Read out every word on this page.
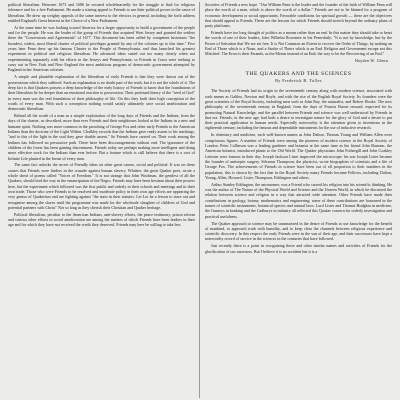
political liberalism. Between 1673 and 1686 he secured wholeheartedly for the struggle to find for religious tolerance and for a free Parliament. He made a stirring appeal to Friends to use their political power in the cause of liberalism. He drew up weighty appeals of the same interest to the electors in general, including the forth address entitled England's Great Interest in the Choice of a New Parliament.

At the same time he was looking toward America for a larger opportunity to build a government of the people and for the people. He was the leader of the group of Friends that acquired West Jersey and granted the settlers there the "Concessions and Agreements" of 1677. This document has been called by competent historians "the broadest, widest, most liberal charter of political privileges granted by any of the colonies up to this time." Five years later Penn drew up his famous Charter to the People of Pennsylvania, and thus launched his greatest experiment in political and religious liberalism. He advanced ideas stated out too many clearly when not experimenting separately with his efforts in the Jerseys and Pennsylvania; so Friends in Court were seeking to carry out in New York and New England the most ambitious program of democratic government attempted by England in her American colonies.

A simple and plausible explanation of the liberalism of early Friends is that they were drawn out of the persecutions which they suffered. Such an explanation is no doubt part of the truth, but it is not the whole of it. The deep fact is that Quakers possess a deep knowledge of the early history of Friends to know that the foundations of their liberalism lie far deeper than an emotional reaction to persecution. Their profound theory of the "seed of God" in every man was the real foundation of their philosophy of life. On this they built their high conception of the worth of every man. With such a conception nothing would satisfy ultimately save social amelioration and democratic liberalism.

Behind all the worth of a man as a simple exploitation of the long days of Friends and the Indians, from the days of the charter, as described, more than ever Friends and their neighbours looked at the Indians in a new and humane spirit. Nothing was more common in the preaching of George Fox and other early Friends to the American Indians than the doctrine of the Light Within. Chalkley records that the Indians gave ready assent to his teachings, "and to this of the light in the soul they gave double assent." So Friends have carried on. Their work among the Indians has followed no persuasive path. There have been discouragements without end. The ignorance of the children of the forest has been gaining discernment. Friends today are perhaps making more intelligent and doing more effective work for the Indians than ever before. But a feature which is still believe that there is a root of Infinite Life planted in the breast of every man.

The same fact unlocks the secret of Friendly ideas on other great causes, social and political. It was on these causes that Friends were leaders in the crusade against human slavery. Whittier, the great Quaker poet, wrote a whole sheaf of poems called "Voices of Freedom." It is not strange that John Woolman, the gentlest of all the Quakers, should lead the way in the emancipation of the Negro. Friends may have been hesitant about their powers here, but the experiment which followed was the first public and orderly in their schools and meetings and in their own trade. Those who were Friends to be resolved and moderate policy in their own age efforts are appearing the very genius of Quakerism and are fighting against "the stain in their statutes. Let Lot be a lesson to trace out and reorganize among the slaves until the programme was made for the wholesale slaughter of children of God and potential partners with Christ" Not so long as they cherish their Christian and Quaker heritage.

Political liberalism, peculiar to the American Indians, anti-slavery efforts, the peace testimony, prison reform and various other efforts in social amelioration are among the matters of which Friends have been leaders in their age and for which they have not received the credit they deserved. Friends may here be willing to take less

Societies of Friends a new hope. "Our William Penn is the leader and the founder of the faith of William Penn will place the worth of a man, which is above the worth of a dollar." Friends are not to be blamed for a program of economic development or social opportunity. Favorable conditions for spiritual growth — these are the objectives that should appeal to Friends. These are the lessons for which Friends should stretch beyond the ordinary plans of party platforms.

Friends have too long thought of politics as a means rather than an end. In this matter they should take to heart the words of one of their leaders, John Wilhelm Rowntree in his Penn-daily: "It is not by knowledge, but by the Power of Salvation that We are set free. It is Not Common an Extent to recover the Order of Things, by making an End of Those which is a Noun, and a Stroke of Theirs which is an End. Religion and Government escape not this Mischief: The Error is their Errands, as the Means instead of an End; the way to be the Recovering of an End."

Hayden W. Glenn
THE QUAKERS AND THE SCIENCES
By Frederick B. Tolles

The Society of Friends had its origin in the seventeenth century along with modern science, associated with such names as Galileo, Newton and Boyle, and with the rise of the English Royal Society. Its founders were the great scientists of the Royal Society, including men such as John Ray, the naturalist, and Robert Hooke. The new philosophy of the seventeenth century in England, from the days of Francis Bacon onward, expected for its promoting Natural Knowledge, and the parallel between Friends and science was well understood by Friends in that era. Friends, in the new age, had both a desire to investigate nature for the glory of God and a desire to put their practical application to human needs. Especially noteworthy is the attention given to inventions in the eighteenth century; including the famous and dependable instruments for the use of inductive research.

In chemistry and medicine, such well-known names as John Dalton, Thomas Young and William Allen were conspicuous figures. A number of Friends were among the pioneers of modern science in the Royal Society of London. Peter Collinson was a leading gardener and botanist at the same time as his friend John Bartram, the American botanist, introduced plants to the Old World. The Quaker physicians John Fothergill and John Coakley Lettsom were famous in their day. Joseph Jackson Lister improved the microscope; his son Joseph Lister became the founder of antiseptic surgery. Silvanus Thompson, the physicist, wrote biographies of scientists and a life of George Fox. The achievements of Friends in science have been out of all proportion to their numbers in the population; this is shown by the fact that in the Royal Society many Friends became Fellows, including Dalton, Young, Allen, Howard, Lister, Thompson, Eddington and others.

Arthur Stanley Eddington, the astronomer, was a Friend who carried his religion into his scientific thinking. He was the author of The Nature of the Physical World and Science and the Unseen World, in which he discussed the relation between science and religion in a way that attracted wide attention. Other Friends have made their contributions in geology, botany, mathematics and engineering; some of these contributions are honoured in the names of scientific instruments, botanical species and natural laws. Lord Lister and Thomas Hodgkin in medicine, the Gurneys in banking and the Cadburys in industry all reflected this Quaker concern for orderly investigation and practical usefulness.

The Quaker approach to science may be summarized in the desire of Friends to use knowledge for the benefit of mankind, to approach truth with humility, and to keep clear the channels between religious experience and scientific discovery. In this respect the early Friends were in the van of their age, and their successors have kept a noteworthy record of service in the sciences in the centuries that have followed.

Just recently there is a point in recognizing these and other similar names and activities of Friends for the glorification of our ancestors. But I believe it is no accident but it is a
